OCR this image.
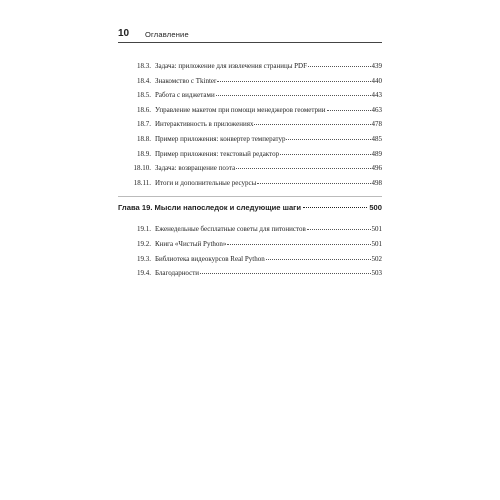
10 Оглавление
18.3. Задача: приложение для извлечения страницы PDF	439
18.4. Знакомство с Tkinter	440
18.5. Работа с виджетами	443
18.6. Управление макетом при помощи менеджеров геометрии	463
18.7. Интерактивность в приложениях	478
18.8. Пример приложения: конвертер температур	485
18.9. Пример приложения: текстовый редактор	489
18.10. Задача: возвращение поэта	496
18.11. Итоги и дополнительные ресурсы	498
Глава 19. Мысли напоследок и следующие шаги	500
19.1. Еженедельные бесплатные советы для питонистов	501
19.2. Книга «Чистый Python»	501
19.3. Библиотека видеокурсов Real Python	502
19.4. Благодарности	503
